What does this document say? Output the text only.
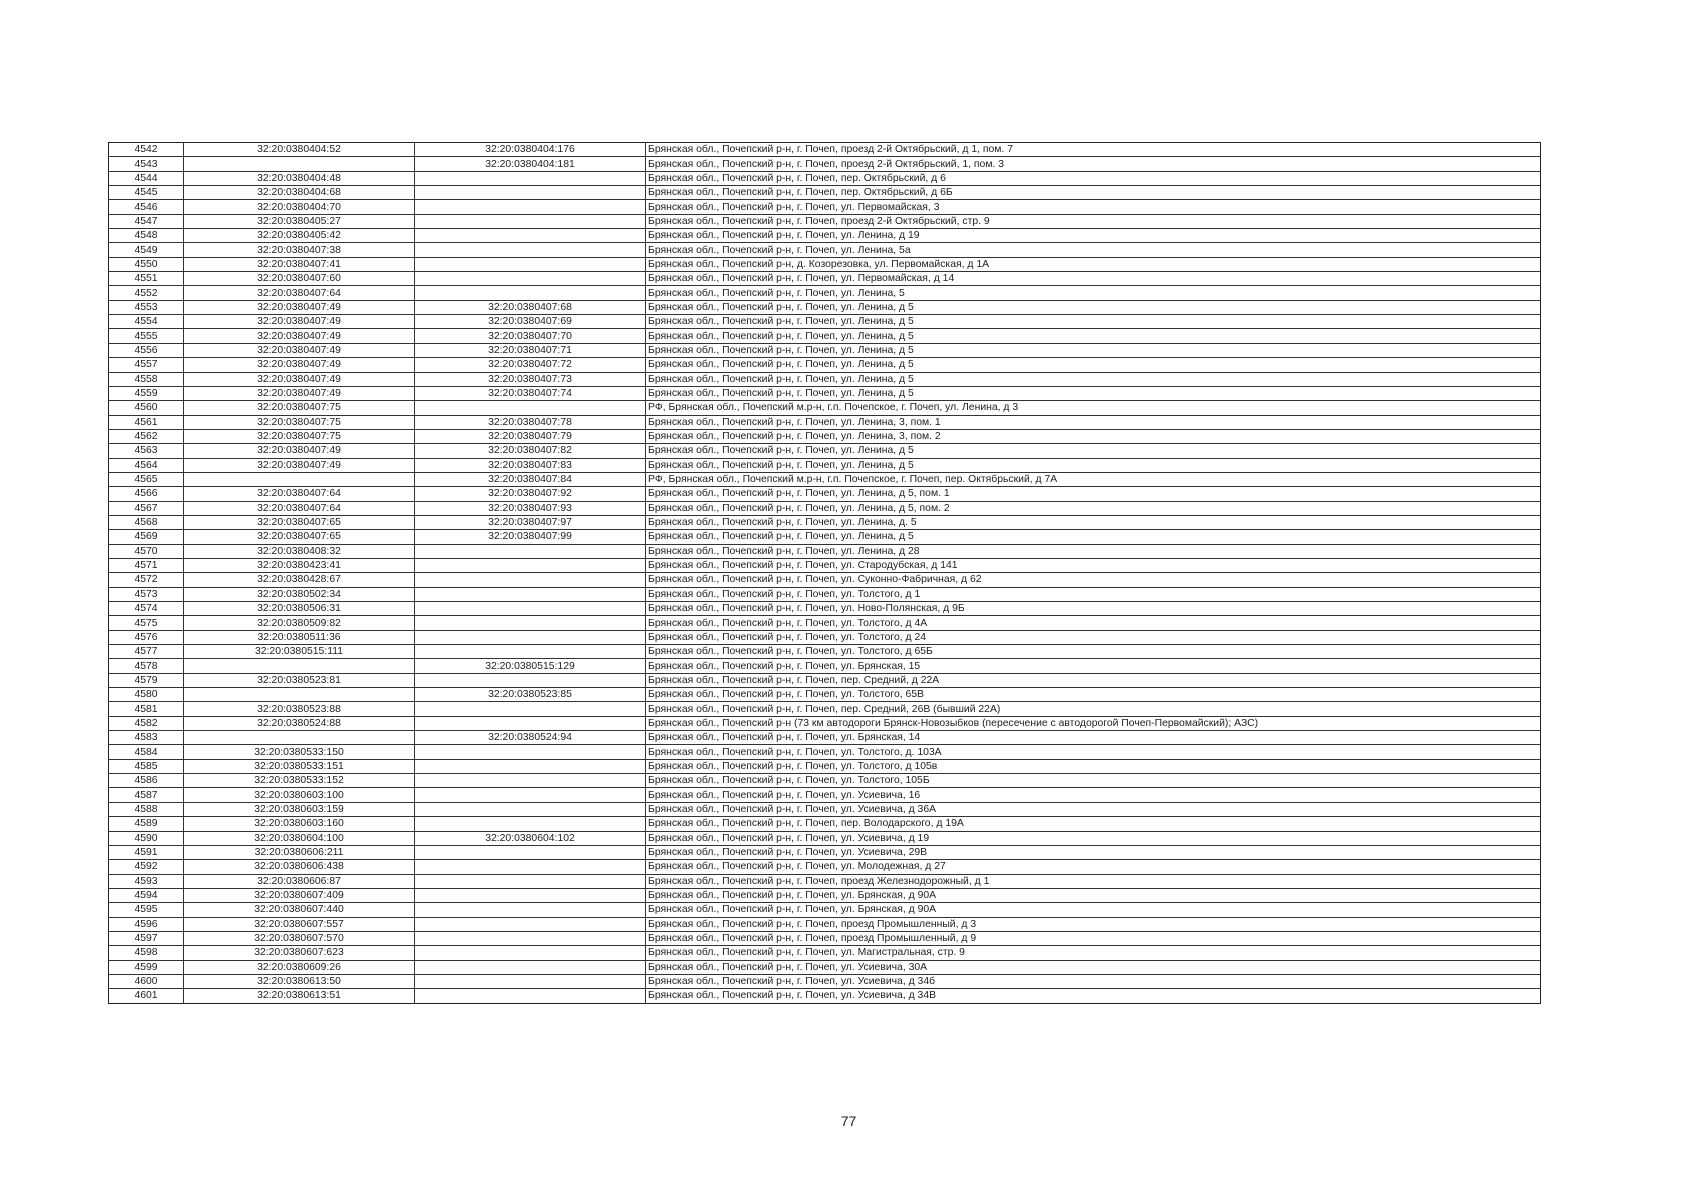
4542	32:20:0380404:52	32:20:0380404:176	Брянская обл., Почепский р-н, г. Почеп, проезд 2-й Октябрьский, д 1, пом. 7
4543		32:20:0380404:181	Брянская обл., Почепский р-н, г. Почеп, проезд 2-й Октябрьский, 1, пом. 3
4544	32:20:0380404:48		Брянская обл., Почепский р-н, г. Почеп, пер. Октябрьский, д 6
4545	32:20:0380404:68		Брянская обл., Почепский р-н, г. Почеп, пер. Октябрьский, д 6Б
4546	32:20:0380404:70		Брянская обл., Почепский р-н, г. Почеп, ул. Первомайская, 3
4547	32:20:0380405:27		Брянская обл., Почепский р-н, г. Почеп, проезд 2-й Октябрьский, стр. 9
4548	32:20:0380405:42		Брянская обл., Почепский р-н, г. Почеп, ул. Ленина, д 19
4549	32:20:0380407:38		Брянская обл., Почепский р-н, г. Почеп, ул. Ленина, 5а
4550	32:20:0380407:41		Брянская обл., Почепский р-н, д. Козорезовка, ул. Первомайская, д 1А
4551	32:20:0380407:60		Брянская обл., Почепский р-н, г. Почеп, ул. Первомайская, д 14
4552	32:20:0380407:64		Брянская обл., Почепский р-н, г. Почеп, ул. Ленина, 5
4553	32:20:0380407:49	32:20:0380407:68	Брянская обл., Почепский р-н, г. Почеп, ул. Ленина, д 5
4554	32:20:0380407:49	32:20:0380407:69	Брянская обл., Почепский р-н, г. Почеп, ул. Ленина, д 5
4555	32:20:0380407:49	32:20:0380407:70	Брянская обл., Почепский р-н, г. Почеп, ул. Ленина, д 5
4556	32:20:0380407:49	32:20:0380407:71	Брянская обл., Почепский р-н, г. Почеп, ул. Ленина, д 5
4557	32:20:0380407:49	32:20:0380407:72	Брянская обл., Почепский р-н, г. Почеп, ул. Ленина, д 5
4558	32:20:0380407:49	32:20:0380407:73	Брянская обл., Почепский р-н, г. Почеп, ул. Ленина, д 5
4559	32:20:0380407:49	32:20:0380407:74	Брянская обл., Почепский р-н, г. Почеп, ул. Ленина, д 5
4560	32:20:0380407:75		РФ, Брянская обл., Почепский м.р-н, г.п. Почепское, г. Почеп, ул. Ленина, д 3
4561	32:20:0380407:75	32:20:0380407:78	Брянская обл., Почепский р-н, г. Почеп, ул. Ленина, 3, пом. 1
4562	32:20:0380407:75	32:20:0380407:79	Брянская обл., Почепский р-н, г. Почеп, ул. Ленина, 3, пом. 2
4563	32:20:0380407:49	32:20:0380407:82	Брянская обл., Почепский р-н, г. Почеп, ул. Ленина, д 5
4564	32:20:0380407:49	32:20:0380407:83	Брянская обл., Почепский р-н, г. Почеп, ул. Ленина, д 5
4565		32:20:0380407:84	РФ, Брянская обл., Почепский м.р-н, г.п. Почепское, г. Почеп, пер. Октябрьский, д 7А
4566	32:20:0380407:64	32:20:0380407:92	Брянская обл., Почепский р-н, г. Почеп, ул. Ленина, д 5, пом. 1
4567	32:20:0380407:64	32:20:0380407:93	Брянская обл., Почепский р-н, г. Почеп, ул. Ленина, д 5, пом. 2
4568	32:20:0380407:65	32:20:0380407:97	Брянская обл., Почепский р-н, г. Почеп, ул. Ленина, д. 5
4569	32:20:0380407:65	32:20:0380407:99	Брянская обл., Почепский р-н, г. Почеп, ул. Ленина, д 5
4570	32:20:0380408:32		Брянская обл., Почепский р-н, г. Почеп, ул. Ленина, д 28
4571	32:20:0380423:41		Брянская обл., Почепский р-н, г. Почеп, ул. Стародубская, д 141
4572	32:20:0380428:67		Брянская обл., Почепский р-н, г. Почеп, ул. Суконно-Фабричная, д 62
4573	32:20:0380502:34		Брянская обл., Почепский р-н, г. Почеп, ул. Толстого, д 1
4574	32:20:0380506:31		Брянская обл., Почепский р-н, г. Почеп, ул. Ново-Полянская, д 9Б
4575	32:20:0380509:82		Брянская обл., Почепский р-н, г. Почеп, ул. Толстого, д 4А
4576	32:20:0380511:36		Брянская обл., Почепский р-н, г. Почеп, ул. Толстого, д 24
4577	32:20:0380515:111		Брянская обл., Почепский р-н, г. Почеп, ул. Толстого, д 65Б
4578		32:20:0380515:129	Брянская обл., Почепский р-н, г. Почеп, ул. Брянская, 15
4579	32:20:0380523:81		Брянская обл., Почепский р-н, г. Почеп, пер. Средний, д 22А
4580		32:20:0380523:85	Брянская обл., Почепский р-н, г. Почеп, ул. Толстого, 65В
4581	32:20:0380523:88		Брянская обл., Почепский р-н, г. Почеп, пер. Средний, 26В (бывший 22А)
4582	32:20:0380524:88		Брянская обл., Почепский р-н (73 км автодороги Брянск-Новозыбков (пересечение с автодорогой Почеп-Первомайский); АЗС)
4583		32:20:0380524:94	Брянская обл., Почепский р-н, г. Почеп, ул. Брянская, 14
4584	32:20:0380533:150		Брянская обл., Почепский р-н, г. Почеп, ул. Толстого, д. 103А
4585	32:20:0380533:151		Брянская обл., Почепский р-н, г. Почеп, ул. Толстого, д 105в
4586	32:20:0380533:152		Брянская обл., Почепский р-н, г. Почеп, ул. Толстого, 105Б
4587	32:20:0380603:100		Брянская обл., Почепский р-н, г. Почеп, ул. Усиевича, 16
4588	32:20:0380603:159		Брянская обл., Почепский р-н, г. Почеп, ул. Усиевича, д 36А
4589	32:20:0380603:160		Брянская обл., Почепский р-н, г. Почеп, пер. Володарского, д 19А
4590	32:20:0380604:100	32:20:0380604:102	Брянская обл., Почепский р-н, г. Почеп, ул. Усиевича, д 19
4591	32:20:0380606:211		Брянская обл., Почепский р-н, г. Почеп, ул. Усиевича, 29В
4592	32:20:0380606:438		Брянская обл., Почепский р-н, г. Почеп, ул. Молодежная, д 27
4593	32:20:0380606:87		Брянская обл., Почепский р-н, г. Почеп, проезд Железнодорожный, д 1
4594	32:20:0380607:409		Брянская обл., Почепский р-н, г. Почеп, ул. Брянская, д 90А
4595	32:20:0380607:440		Брянская обл., Почепский р-н, г. Почеп, ул. Брянская, д 90А
4596	32:20:0380607:557		Брянская обл., Почепский р-н, г. Почеп, проезд Промышленный, д 3
4597	32:20:0380607:570		Брянская обл., Почепский р-н, г. Почеп, проезд Промышленный, д 9
4598	32:20:0380607:623		Брянская обл., Почепский р-н, г. Почеп, ул. Магистральная, стр. 9
4599	32:20:0380609:26		Брянская обл., Почепский р-н, г. Почеп, ул. Усиевича, 30А
4600	32:20:0380613:50		Брянская обл., Почепский р-н, г. Почеп, ул. Усиевича, д 34б
4601	32:20:0380613:51		Брянская обл., Почепский р-н, г. Почеп, ул. Усиевича, д 34В
77
